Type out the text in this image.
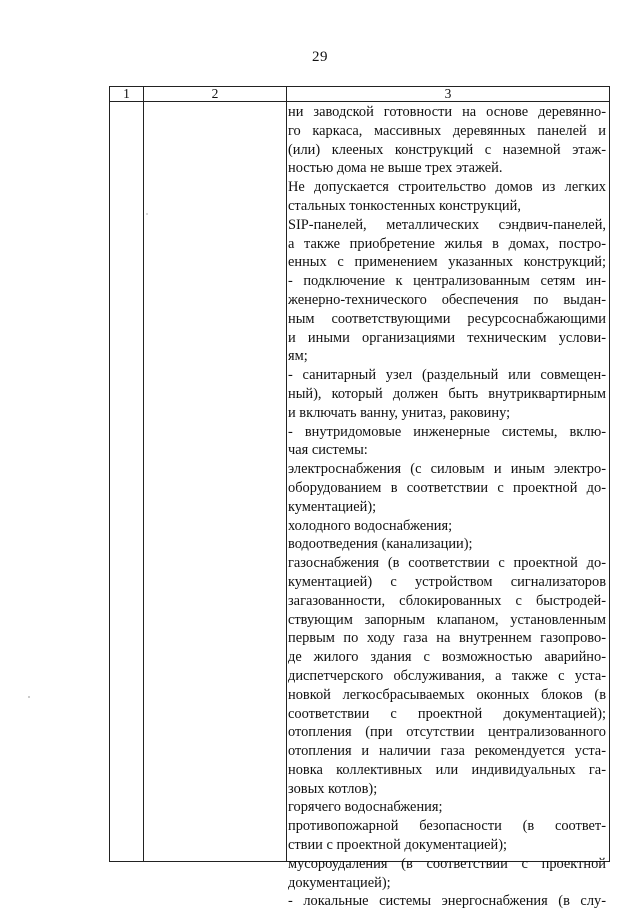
29
1	2	3
ни заводской готовности на основе деревянно-
го каркаса, массивных деревянных панелей и
(или) клееных конструкций с наземной этаж-
ностью дома не выше трех этажей.
Не допускается строительство домов из легких
стальных тонкостенных конструкций,
SIP-панелей, металлических сэндвич-панелей,
а также приобретение жилья в домах, постро-
енных с применением указанных конструкций;
- подключение к централизованным сетям ин-
женерно-технического обеспечения по выдан-
ным соответствующими ресурсоснабжающими
и иными организациями техническим услови-
ям;
- санитарный узел (раздельный или совмещен-
ный), который должен быть внутриквартирным
и включать ванну, унитаз, раковину;
- внутридомовые инженерные системы, вклю-
чая системы:
электроснабжения (с силовым и иным электро-
оборудованием в соответствии с проектной до-
кументацией);
холодного водоснабжения;
водоотведения (канализации);
газоснабжения (в соответствии с проектной до-
кументацией) с устройством сигнализаторов
загазованности, сблокированных с быстродей-
ствующим запорным клапаном, установленным
первым по ходу газа на внутреннем газопрово-
де жилого здания с возможностью аварийно-
диспетчерского обслуживания, а также с уста-
новкой легкосбрасываемых оконных блоков (в
соответствии с проектной документацией);
отопления (при отсутствии централизованного
отопления и наличии газа рекомендуется уста-
новка коллективных или индивидуальных га-
зовых котлов);
горячего водоснабжения;
противопожарной безопасности (в соответ-
ствии с проектной документацией);
мусороудаления (в соответствии с проектной
документацией);
- локальные системы энергоснабжения (в слу-
